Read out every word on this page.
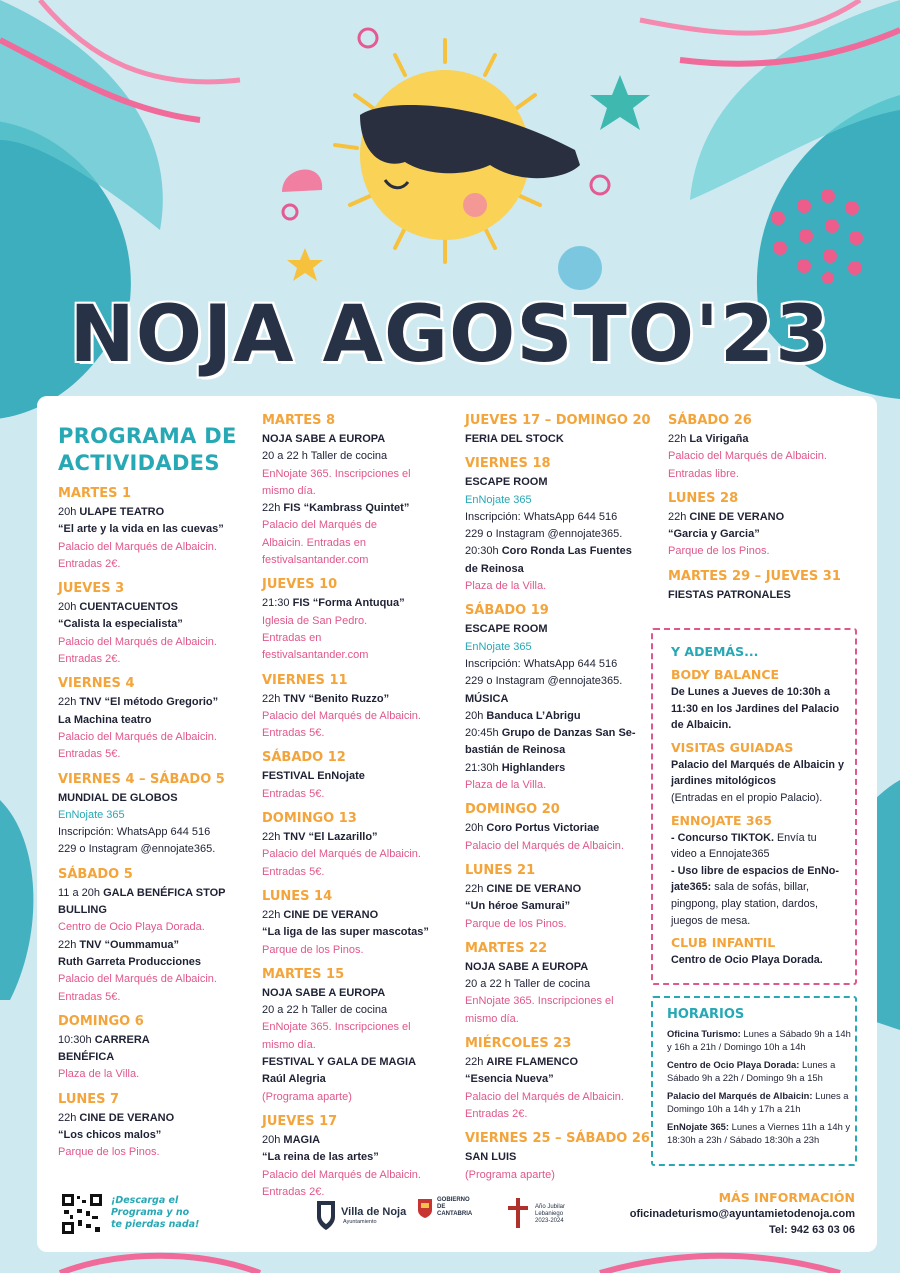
NOJA AGOSTO'23
PROGRAMA DE
ACTIVIDADES
MARTES 1
20h ULAPE TEATRO
“El arte y la vida en las cuevas”
Palacio del Marqués de Albaicin.
Entradas 2€.
JUEVES 3
20h CUENTACUENTOS
“Calista la especialista”
Palacio del Marqués de Albaicin.
Entradas 2€.
VIERNES 4
22h TNV “El método Gregorio”
La Machina teatro
Palacio del Marqués de Albaicin.
Entradas 5€.
VIERNES 4 – SÁBADO 5
MUNDIAL DE GLOBOS
EnNojate 365
Inscripción: WhatsApp 644 516
229 o Instagram @ennojate365.
SÁBADO 5
11 a 20h GALA BENÉFICA STOP
BULLING
Centro de Ocio Playa Dorada.
22h TNV “Oummamua”
Ruth Garreta Producciones
Palacio del Marqués de Albaicin.
Entradas 5€.
DOMINGO 6
10:30h CARRERA
BENÉFICA
Plaza de la Villa.
LUNES 7
22h CINE DE VERANO
“Los chicos malos”
Parque de los Pinos.
MARTES 8
NOJA SABE A EUROPA
20 a 22 h Taller de cocina
EnNojate 365. Inscripciones el
mismo día.
22h FIS “Kambrass Quintet”
Palacio del Marqués de
Albaicin. Entradas en
festivalsantander.com
JUEVES 10
21:30 FIS “Forma Antuqua”
Iglesia de San Pedro.
Entradas en
festivalsantander.com
VIERNES 11
22h TNV “Benito Ruzzo”
Palacio del Marqués de Albaicin.
Entradas 5€.
SÁBADO 12
FESTIVAL EnNojate
Entradas 5€.
DOMINGO 13
22h TNV “El Lazarillo”
Palacio del Marqués de Albaicin.
Entradas 5€.
LUNES 14
22h CINE DE VERANO
“La liga de las super mascotas”
Parque de los Pinos.
MARTES 15
NOJA SABE A EUROPA
20 a 22 h Taller de cocina
EnNojate 365. Inscripciones el
mismo día.
FESTIVAL Y GALA DE MAGIA
Raúl Alegria
(Programa aparte)
JUEVES 17
20h MAGIA
“La reina de las artes”
Palacio del Marqués de Albaicin.
Entradas 2€.
JUEVES 17 – DOMINGO 20
FERIA DEL STOCK
VIERNES 18
ESCAPE ROOM
EnNojate 365
Inscripción: WhatsApp 644 516
229 o Instagram @ennojate365.
20:30h Coro Ronda Las Fuentes
de Reinosa
Plaza de la Villa.
SÁBADO 19
ESCAPE ROOM
EnNojate 365
Inscripción: WhatsApp 644 516
229 o Instagram @ennojate365.
MÚSICA
20h Banduca L’Abrigu
20:45h Grupo de Danzas San Se-
bastián de Reinosa
21:30h Highlanders
Plaza de la Villa.
DOMINGO 20
20h Coro Portus Victoriae
Palacio del Marqués de Albaicin.
LUNES 21
22h CINE DE VERANO
“Un héroe Samurai”
Parque de los Pinos.
MARTES 22
NOJA SABE A EUROPA
20 a 22 h Taller de cocina
EnNojate 365. Inscripciones el
mismo día.
MIÉRCOLES 23
22h AIRE FLAMENCO
“Esencia Nueva”
Palacio del Marqués de Albaicin.
Entradas 2€.
VIERNES 25 – SÁBADO 26
SAN LUIS
(Programa aparte)
SÁBADO 26
22h La Virigaña
Palacio del Marqués de Albaicin.
Entradas libre.
LUNES 28
22h CINE DE VERANO
“Garcia y Garcia”
Parque de los Pinos.
MARTES 29 – JUEVES 31
FIESTAS PATRONALES
Y ADEMÁS...
BODY BALANCE
De Lunes a Jueves de 10:30h a
11:30 en los Jardines del Palacio
de Albaicin.
VISITAS GUIADAS
Palacio del Marqués de Albaicin y
jardines mitológicos
(Entradas en el propio Palacio).
ENNOJATE 365
- Concurso TIKTOK. Envía tu
video a Ennojate365
- Uso libre de espacios de EnNo-
jate365: sala de sofás, billar,
pingpong, play station, dardos,
juegos de mesa.
CLUB INFANTIL
Centro de Ocio Playa Dorada.
HORARIOS
Oficina Turismo: Lunes a Sábado 9h a 14h y 16h a 21h / Domingo 10h a 14h
Centro de Ocio Playa Dorada: Lunes a Sábado 9h a 22h / Domingo 9h a 15h
Palacio del Marqués de Albaicin: Lunes a Domingo 10h a 14h y 17h a 21h
EnNojate 365: Lunes a Viernes 11h a 14h y 18:30h a 23h / Sábado 18:30h a 23h
¡Descarga el
Programa y no
te pierdas nada!
Villa de Noja
Ayuntamiento
GOBIERNO
DE
CANTABRIA
Año Jubilar
Lebaniego
2023-2024
MÁS INFORMACIÓN
oficinadeturismo@ayuntamietodenoja.com
Tel: 942 63 03 06
